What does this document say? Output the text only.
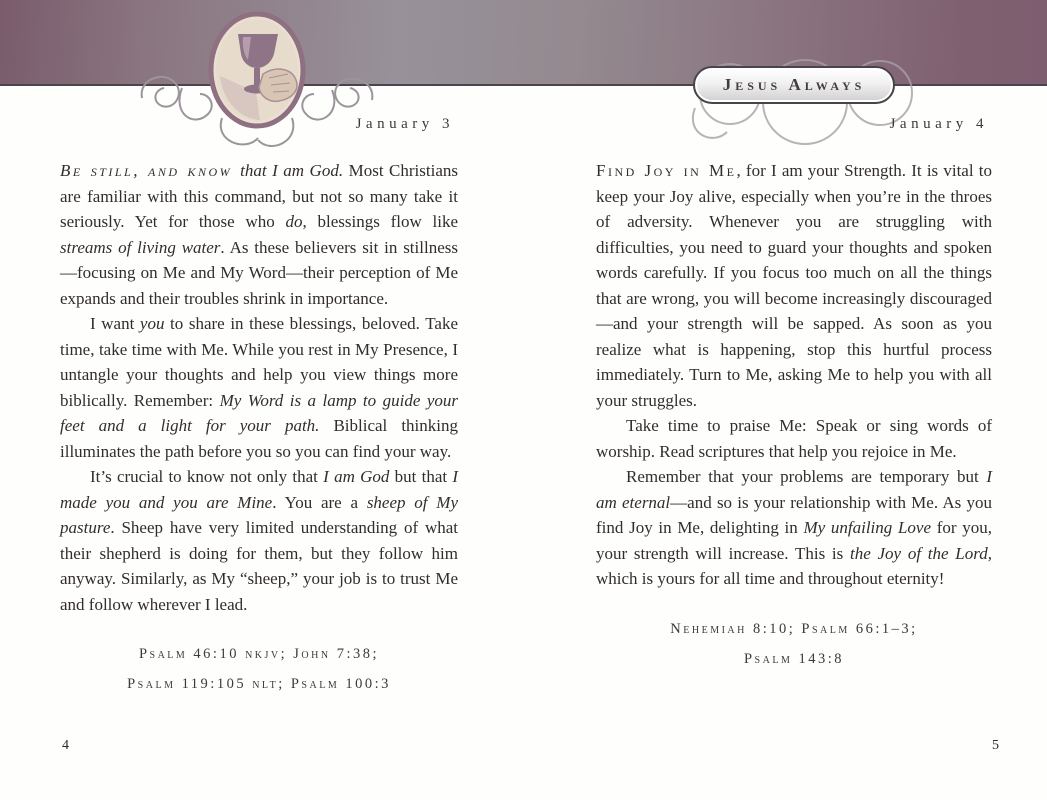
Jesus Always
January 3

Be still, and know that I am God. Most Christians are familiar with this command, but not so many take it seriously. Yet for those who do, blessings flow like streams of living water. As these believers sit in stillness—focusing on Me and My Word—their perception of Me expands and their troubles shrink in importance.

I want you to share in these blessings, beloved. Take time, take time with Me. While you rest in My Presence, I untangle your thoughts and help you view things more biblically. Remember: My Word is a lamp to guide your feet and a light for your path. Biblical thinking illuminates the path before you so you can find your way.

It’s crucial to know not only that I am God but that I made you and you are Mine. You are a sheep of My pasture. Sheep have very limited understanding of what their shepherd is doing for them, but they follow him anyway. Similarly, as My “sheep,” your job is to trust Me and follow wherever I lead.

Psalm 46:10 nkjv; John 7:38;
Psalm 119:105 nlt; Psalm 100:3
4
January 4

Find Joy in Me, for I am your Strength. It is vital to keep your Joy alive, especially when you’re in the throes of adversity. Whenever you are struggling with difficulties, you need to guard your thoughts and spoken words carefully. If you focus too much on all the things that are wrong, you will become increasingly discouraged—and your strength will be sapped. As soon as you realize what is happening, stop this hurtful process immediately. Turn to Me, asking Me to help you with all your struggles.

Take time to praise Me: Speak or sing words of worship. Read scriptures that help you rejoice in Me.

Remember that your problems are temporary but I am eternal—and so is your relationship with Me. As you find Joy in Me, delighting in My unfailing Love for you, your strength will increase. This is the Joy of the Lord, which is yours for all time and throughout eternity!

Nehemiah 8:10; Psalm 66:1–3;
Psalm 143:8
5
